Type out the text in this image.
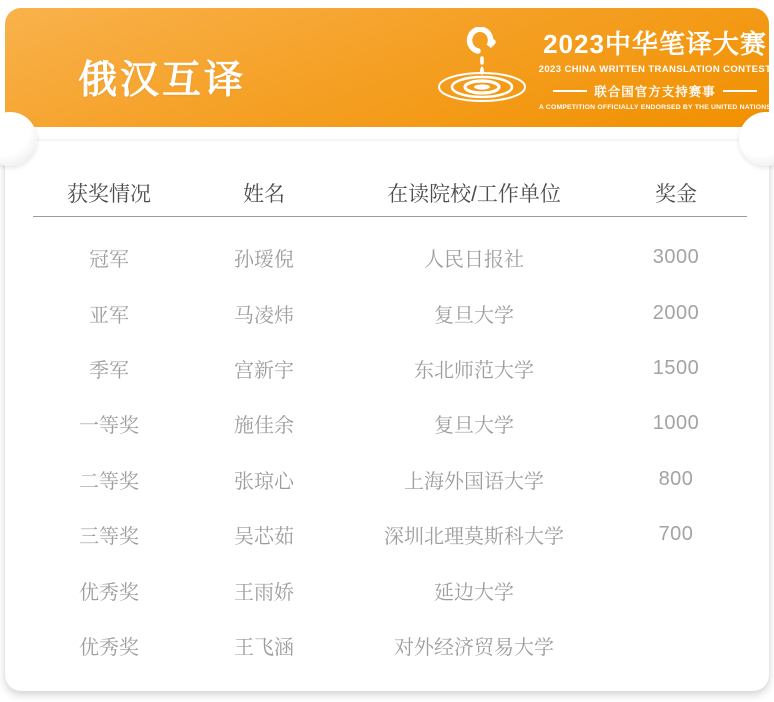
俄汉互译
2023中华笔译大赛
2023 CHINA WRITTEN TRANSLATION CONTEST
联合国官方支持赛事
A COMPETITION OFFICIALLY ENDORSED BY THE UNITED NATIONS
获奖情况	姓名	在读院校/工作单位	奖金
冠军	孙瑷倪	人民日报社	3000
亚军	马凌炜	复旦大学	2000
季军	宫新宇	东北师范大学	1500
一等奖	施佳余	复旦大学	1000
二等奖	张琼心	上海外国语大学	800
三等奖	吴芯茹	深圳北理莫斯科大学	700
优秀奖	王雨娇	延边大学
优秀奖	王飞涵	对外经济贸易大学
